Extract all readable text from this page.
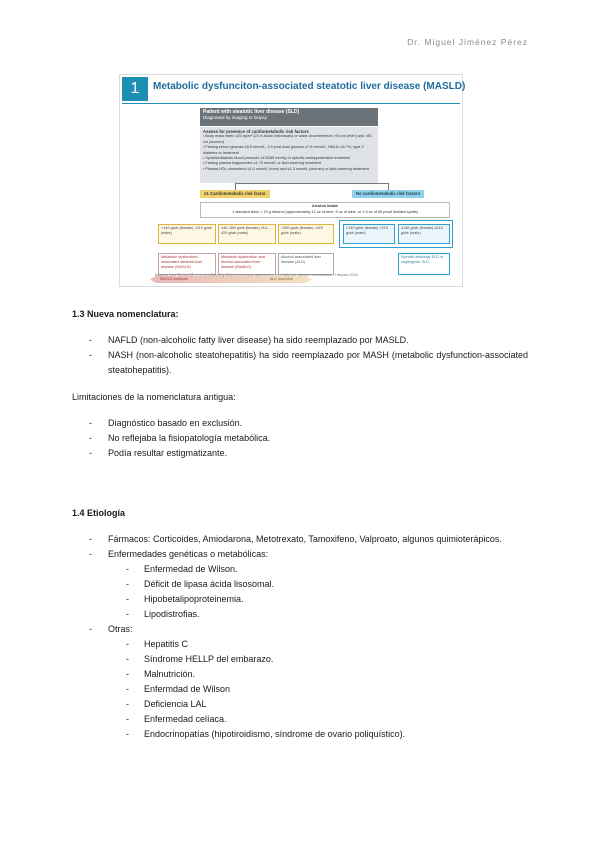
Dr. Miguel Jiménez Pérez
1	Metabolic dysfunciton-associated steatotic liver disease (MASLD)
Patient with steatotic liver disease (SLD)
Diagnosed by imaging or biopsy
Assess for presence of cardiometabolic risk factors
• Body mass index ≥25 kg/m² (23 in Asian individuals) or waist circumference >94 cm (men) and >80 cm (women)
• Fasting serum glucose ≥5.6 mmol/L, 2-h post-load glucose ≥7.8 mmol/L, HbA1c ≥5.7%, type 2 diabetes or treatment
• Systolic/diastolic blood pressure ≥130/85 mmHg or specific antihypertensive treatment
• Fasting plasma triglycerides ≥1.70 mmol/L or lipid-lowering treatment
• Plasma HDL-cholesterol ≤1.0 mmol/L (men) and ≤1.3 mmol/L (women) or lipid-lowering treatment
≥1 Cardiometabolic risk factor	No cardiometabolic risk factors
Alcohol intake
1 standard drink = 10 g ethanol (approximately 12 oz of beer, 5 oz of wine, or 1.5 oz of 80-proof distilled spirits)
<140 g/wk (female) <210 g/wk (male)
140–350 g/wk (female) 210–420 g/wk (male)
>350 g/wk (female) >420 g/wk (male)
<140 g/wk (female) <210 g/wk (male)
≥140 g/wk (female) ≥210 g/wk (male)
Metabolic dysfunction-associated steatotic liver disease (MASLD)
Metabolic dysfunction and alcohol-associated liver disease (MetALD)
Alcohol-associated liver disease (ALD)
Specific aetiology SLD or cryptogenic SLD
MASLD dominant	ALD dominant
Adapted from Rinella ME et al. A multisociety Delphi consensus statement on new fatty liver disease nomenclature. J Hepatol 2023.
1.3 Nueva nomenclatura:
- NAFLD (non-alcoholic fatty liver disease) ha sido reemplazado por MASLD.
- NASH (non-alcoholic steatohepatitis) ha sido reemplazado por MASH (metabolic dysfunction-associated steatohepatitis).
Limitaciones de la nomenclatura antigua:
- Diagnóstico basado en exclusión.
- No reflejaba la fisiopatología metabólica.
- Podía resultar estigmatizante.
1.4 Etiología
- Fármacos: Corticoides, Amiodarona, Metotrexato, Tamoxifeno, Valproato, algunos quimioterápicos.
- Enfermedades genéticas o metabólicas:
- Enfermedad de Wilson.
- Déficit de lipasa ácida lisosomal.
- Hipobetalipoproteinemia.
- Lipodistrofias.
- Otras:
- Hepatitis C
- Síndrome HELLP del embarazo.
- Malnutrición.
- Enfermdad de Wilson
- Deficiencia LAL
- Enfermedad celíaca.
- Endocrinopatías (hipotiroidismo, síndrome de ovario poliquístico).
